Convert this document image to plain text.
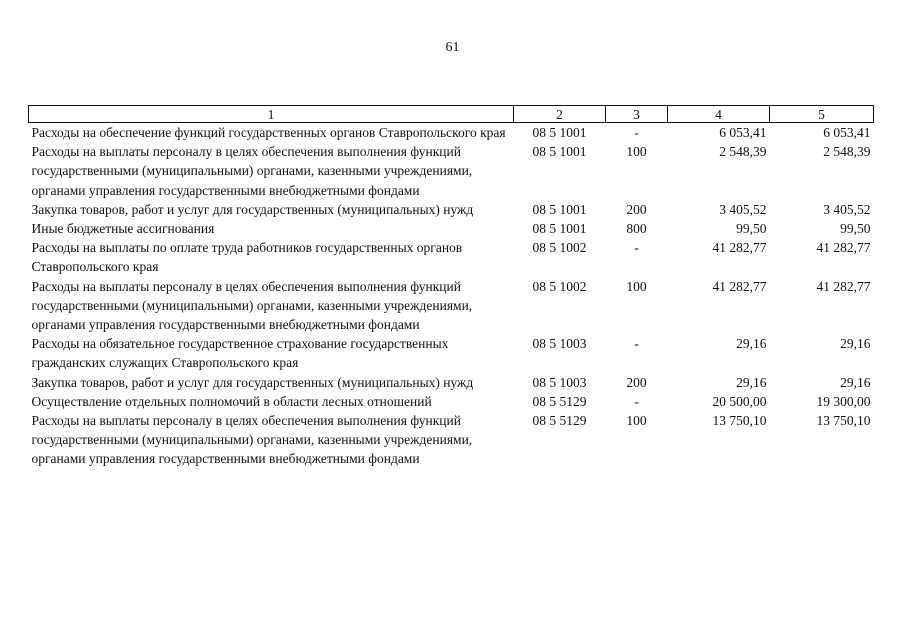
61
1	2	3	4	5
Расходы на обеспечение функций государственных органов Ставропольского края	08 5 1001	-	6 053,41	6 053,41
Расходы на выплаты персоналу в целях обеспечения выполнения функций государственными (муниципальными) органами, казенными учреждениями, органами управления государственными внебюджетными фондами	08 5 1001	100	2 548,39	2 548,39
Закупка товаров, работ и услуг для государственных (муниципальных) нужд	08 5 1001	200	3 405,52	3 405,52
Иные бюджетные ассигнования	08 5 1001	800	99,50	99,50
Расходы на выплаты по оплате труда работников государственных органов Ставропольского края	08 5 1002	-	41 282,77	41 282,77
Расходы на выплаты персоналу в целях обеспечения выполнения функций государственными (муниципальными) органами, казенными учреждениями, органами управления государственными внебюджетными фондами	08 5 1002	100	41 282,77	41 282,77
Расходы на обязательное государственное страхование государственных гражданских служащих Ставропольского края	08 5 1003	-	29,16	29,16
Закупка товаров, работ и услуг для государственных (муниципальных) нужд	08 5 1003	200	29,16	29,16
Осуществление отдельных полномочий в области лесных отношений	08 5 5129	-	20 500,00	19 300,00
Расходы на выплаты персоналу в целях обеспечения выполнения функций государственными (муниципальными) органами, казенными учреждениями, органами управления государственными внебюджетными фондами	08 5 5129	100	13 750,10	13 750,10
